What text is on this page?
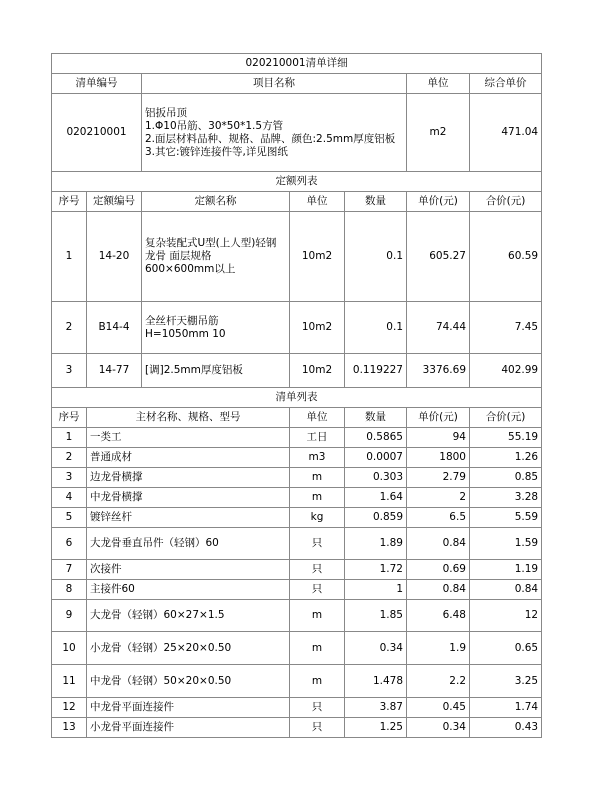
020210001清单详细						
清单编号		项目名称			单位	综合单价
020210001		铝扳吊顶
1.Φ10吊筋、30*50*1.5方管
2.面层材料品种、规格、品牌、颜色:2.5mm厚度铝板
3.其它:镀锌连接件等,详见图纸			m2	471.04
定额列表						
序号	定额编号	定额名称	单位	数量	单价(元)	合价(元)
1	14-20	复杂装配式U型(上人型)轻钢
龙骨 面层规格
600×600mm以上	10m2	0.1	605.27	60.59
2	B14-4	全丝杆天棚吊筋
H=1050mm 10	10m2	0.1	74.44	7.45
3	14-77	[调]2.5mm厚度铝板	10m2	0.119227	3376.69	402.99
清单列表						
序号	主材名称、规格、型号		单位	数量	单价(元)	合价(元)
1	一类工		工日	0.5865	94	55.19
2	普通成材		m3	0.0007	1800	1.26
3	边龙骨横撑		m	0.303	2.79	0.85
4	中龙骨横撑		m	1.64	2	3.28
5	镀锌丝杆		kg	0.859	6.5	5.59
6	大龙骨垂直吊件（轻钢）60		只	1.89	0.84	1.59
7	次接件		只	1.72	0.69	1.19
8	主接件60		只	1	0.84	0.84
9	大龙骨（轻钢）60×27×1.5		m	1.85	6.48	12
10	小龙骨（轻钢）25×20×0.50		m	0.34	1.9	0.65
11	中龙骨（轻钢）50×20×0.50		m	1.478	2.2	3.25
12	中龙骨平面连接件		只	3.87	0.45	1.74
13	小龙骨平面连接件		只	1.25	0.34	0.43
